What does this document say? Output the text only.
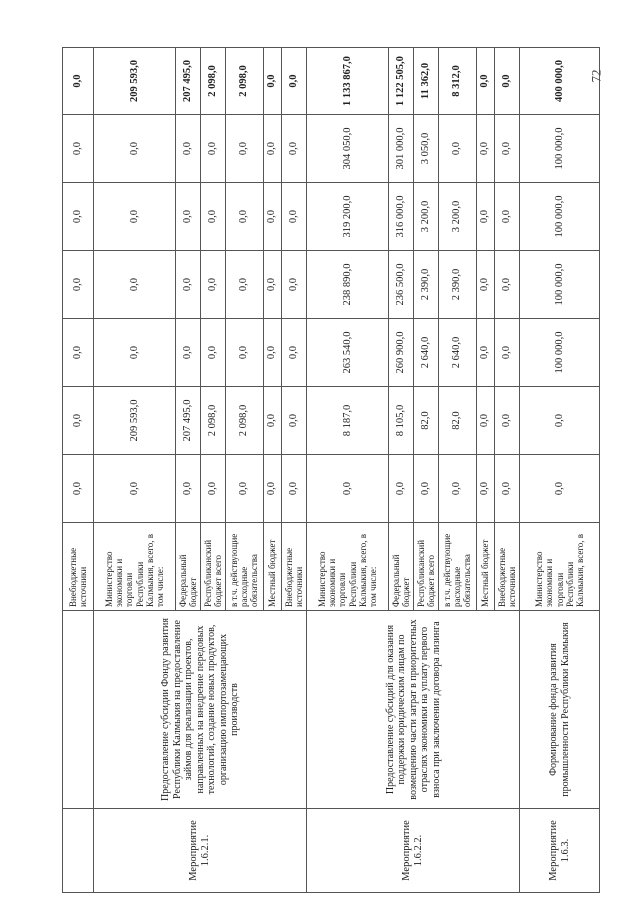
		Внебюджетные источники	0,0	0,0	0,0	0,0	0,0	0,0	0,0
Мероприятие 1.6.2.1.	Предоставление субсидии Фонду развития Республики Калмыкия на предоставление займов для реализации проектов, направленных на внедрение передовых технологий, создание новых продуктов, организацию импортозамещающих производств	Министерство экономики и торговли Республики Калмыкия, всего, в том числе:	0,0	209 593,0	0,0	0,0	0,0	0,0	209 593,0
		Федеральный бюджет	0,0	207 495,0	0,0	0,0	0,0	0,0	207 495,0
		Республиканский бюджет всего	0,0	2 098,0	0,0	0,0	0,0	0,0	2 098,0
		в т.ч. действующие расходные обязательства	0,0	2 098,0	0,0	0,0	0,0	0,0	2 098,0
		Местный бюджет	0,0	0,0	0,0	0,0	0,0	0,0	0,0
		Внебюджетные источники	0,0	0,0	0,0	0,0	0,0	0,0	0,0
Мероприятие 1.6.2.2.	Предоставление субсидий для оказания поддержки юридическим лицам по возмещению части затрат в приоритетных отраслях экономики на уплату первого взноса при заключении договора лизинга	Министерство экономики и торговли Республики Калмыкия, всего, в том числе:	0,0	8 187,0	263 540,0	238 890,0	319 200,0	304 050,0	1 133 867,0
		Федеральный бюджет	0,0	8 105,0	260 900,0	236 500,0	316 000,0	301 000,0	1 122 505,0
		Республиканский бюджет всего	0,0	82,0	2 640,0	2 390,0	3 200,0	3 050,0	11 362,0
		в т.ч. действующие расходные обязательства	0,0	82,0	2 640,0	2 390,0	3 200,0	0,0	8 312,0
		Местный бюджет	0,0	0,0	0,0	0,0	0,0	0,0	0,0
		Внебюджетные источники	0,0	0,0	0,0	0,0	0,0	0,0	0,0
Мероприятие 1.6.3.	Формирование фонда развития промышленности Республики Калмыкия	Министерство экономики и торговли Республики Калмыкия, всего, в	0,0	0,0	100 000,0	100 000,0	100 000,0	100 000,0	400 000,0 72
